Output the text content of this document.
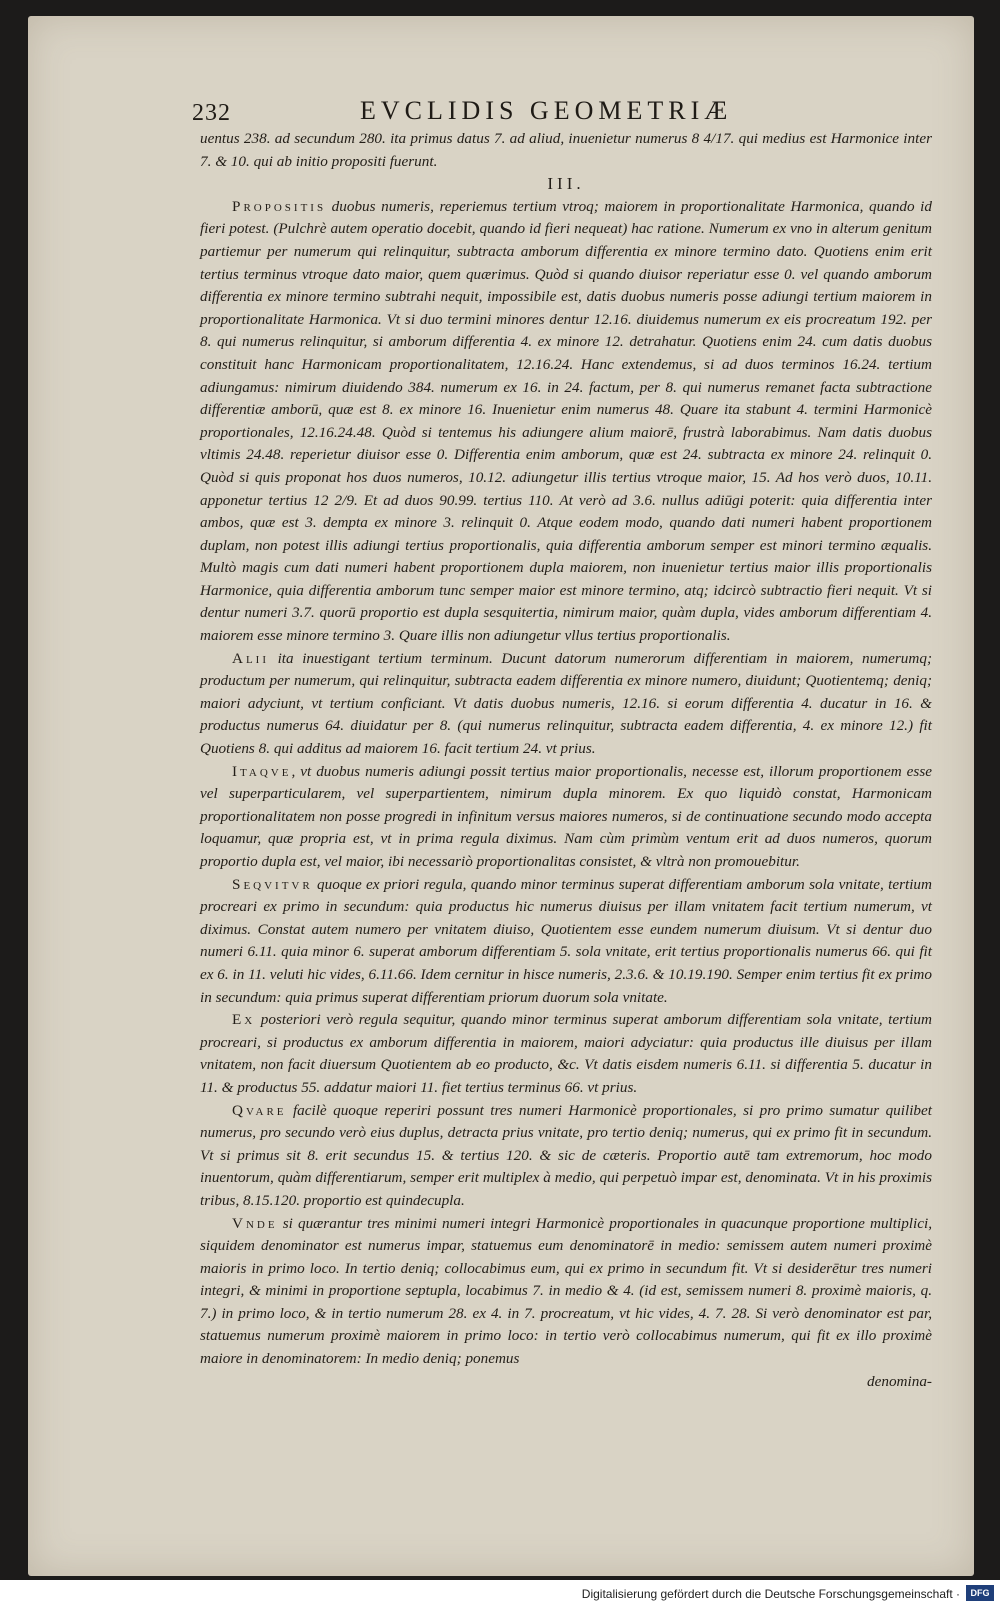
232	EVCLIDIS GEOMETRIÆ

uentus 238. ad secundum 280. ita primus datus 7. ad aliud, inuenietur numerus 8 4/17. qui medius est Harmonice inter 7. & 10. qui ab initio propositi fuerunt.

III.

Propositis duobus numeris, reperiemus tertium vtroq; maiorem in proportionalitate Harmonica, quando id fieri potest. (Pulchrè autem operatio docebit, quando id fieri nequeat) hac ratione. Numerum ex vno in alterum genitum partiemur per numerum qui relinquitur, subtracta amborum differentia ex minore termino dato. Quotiens enim erit tertius terminus vtroque dato maior, quem quærimus. Quòd si quando diuisor reperiatur esse 0. vel quando amborum differentia ex minore termino subtrahi nequit, impossibile est, datis duobus numeris posse adiungi tertium maiorem in proportionalitate Harmonica. Vt si duo termini minores dentur 12.16. diuidemus numerum ex eis procreatum 192. per 8. qui numerus relinquitur, si amborum differentia 4. ex minore 12. detrahatur. Quotiens enim 24. cum datis duobus constituit hanc Harmonicam proportionalitatem, 12.16.24. Hanc extendemus, si ad duos terminos 16.24. tertium adiungamus: nimirum diuidendo 384. numerum ex 16. in 24. factum, per 8. qui numerus remanet facta subtractione differentiæ amborū, quæ est 8. ex minore 16. Inuenietur enim numerus 48. Quare ita stabunt 4. termini Harmonicè proportionales, 12.16.24.48. Quòd si tentemus his adiungere alium maiorē, frustrà laborabimus. Nam datis duobus vltimis 24.48. reperietur diuisor esse 0. Differentia enim amborum, quæ est 24. subtracta ex minore 24. relinquit 0. Quòd si quis proponat hos duos numeros, 10.12. adiungetur illis tertius vtroque maior, 15. Ad hos verò duos, 10.11. apponetur tertius 12 2/9. Et ad duos 90.99. tertius 110. At verò ad 3.6. nullus adiūgi poterit: quia differentia inter ambos, quæ est 3. dempta ex minore 3. relinquit 0. Atque eodem modo, quando dati numeri habent proportionem duplam, non potest illis adiungi tertius proportionalis, quia differentia amborum semper est minori termino æqualis. Multò magis cum dati numeri habent proportionem dupla maiorem, non inuenietur tertius maior illis proportionalis Harmonice, quia differentia amborum tunc semper maior est minore termino, atq; idcircò subtractio fieri nequit. Vt si dentur numeri 3.7. quorū proportio est dupla sesquitertia, nimirum maior, quàm dupla, vides amborum differentiam 4. maiorem esse minore termino 3. Quare illis non adiungetur vllus tertius proportionalis.

Alii ita inuestigant tertium terminum. Ducunt datorum numerorum differentiam in maiorem, numerumq; productum per numerum, qui relinquitur, subtracta eadem differentia ex minore numero, diuidunt; Quotientemq; deniq; maiori adyciunt, vt tertium conficiant. Vt datis duobus numeris, 12.16. si eorum differentia 4. ducatur in 16. & productus numerus 64. diuidatur per 8. (qui numerus relinquitur, subtracta eadem differentia, 4. ex minore 12.) fit Quotiens 8. qui additus ad maiorem 16. facit tertium 24. vt prius.

Itaqve, vt duobus numeris adiungi possit tertius maior proportionalis, necesse est, illorum proportionem esse vel superparticularem, vel superpartientem, nimirum dupla minorem. Ex quo liquidò constat, Harmonicam proportionalitatem non posse progredi in infinitum versus maiores numeros, si de continuatione secundo modo accepta loquamur, quæ propria est, vt in prima regula diximus. Nam cùm primùm ventum erit ad duos numeros, quorum proportio dupla est, vel maior, ibi necessariò proportionalitas consistet, & vltrà non promouebitur.

Seqvitvr quoque ex priori regula, quando minor terminus superat differentiam amborum sola vnitate, tertium procreari ex primo in secundum: quia productus hic numerus diuisus per illam vnitatem facit tertium numerum, vt diximus. Constat autem numero per vnitatem diuiso, Quotientem esse eundem numerum diuisum. Vt si dentur duo numeri 6.11. quia minor 6. superat amborum differentiam 5. sola vnitate, erit tertius proportionalis numerus 66. qui fit ex 6. in 11. veluti hic vides, 6.11.66. Idem cernitur in hisce numeris, 2.3.6. & 10.19.190. Semper enim tertius fit ex primo in secundum: quia primus superat differentiam priorum duorum sola vnitate.

Ex posteriori verò regula sequitur, quando minor terminus superat amborum differentiam sola vnitate, tertium procreari, si productus ex amborum differentia in maiorem, maiori adyciatur: quia productus ille diuisus per illam vnitatem, non facit diuersum Quotientem ab eo producto, &c. Vt datis eisdem numeris 6.11. si differentia 5. ducatur in 11. & productus 55. addatur maiori 11. fiet tertius terminus 66. vt prius.

Qvare facilè quoque reperiri possunt tres numeri Harmonicè proportionales, si pro primo sumatur quilibet numerus, pro secundo verò eius duplus, detracta prius vnitate, pro tertio deniq; numerus, qui ex primo fit in secundum. Vt si primus sit 8. erit secundus 15. & tertius 120. & sic de cæteris. Proportio autē tam extremorum, hoc modo inuentorum, quàm differentiarum, semper erit multiplex à medio, qui perpetuò impar est, denominata. Vt in his proximis tribus, 8.15.120. proportio est quindecupla.

Vnde si quærantur tres minimi numeri integri Harmonicè proportionales in quacunque proportione multiplici, siquidem denominator est numerus impar, statuemus eum denominatorē in medio: semissem autem numeri proximè maioris in primo loco. In tertio deniq; collocabimus eum, qui ex primo in secundum fit. Vt si desiderētur tres numeri integri, & minimi in proportione septupla, locabimus 7. in medio & 4. (id est, semissem numeri 8. proximè maioris, q. 7.) in primo loco, & in tertio numerum 28. ex 4. in 7. procreatum, vt hic vides, 4. 7. 28. Si verò denominator est par, statuemus numerum proximè maiorem in primo loco: in tertio verò collocabimus numerum, qui fit ex illo proximè maiore in denominatorem: In medio deniq; ponemus

denomina-

Digitalisierung gefördert durch die Deutsche Forschungsgemeinschaft ·	DFG
